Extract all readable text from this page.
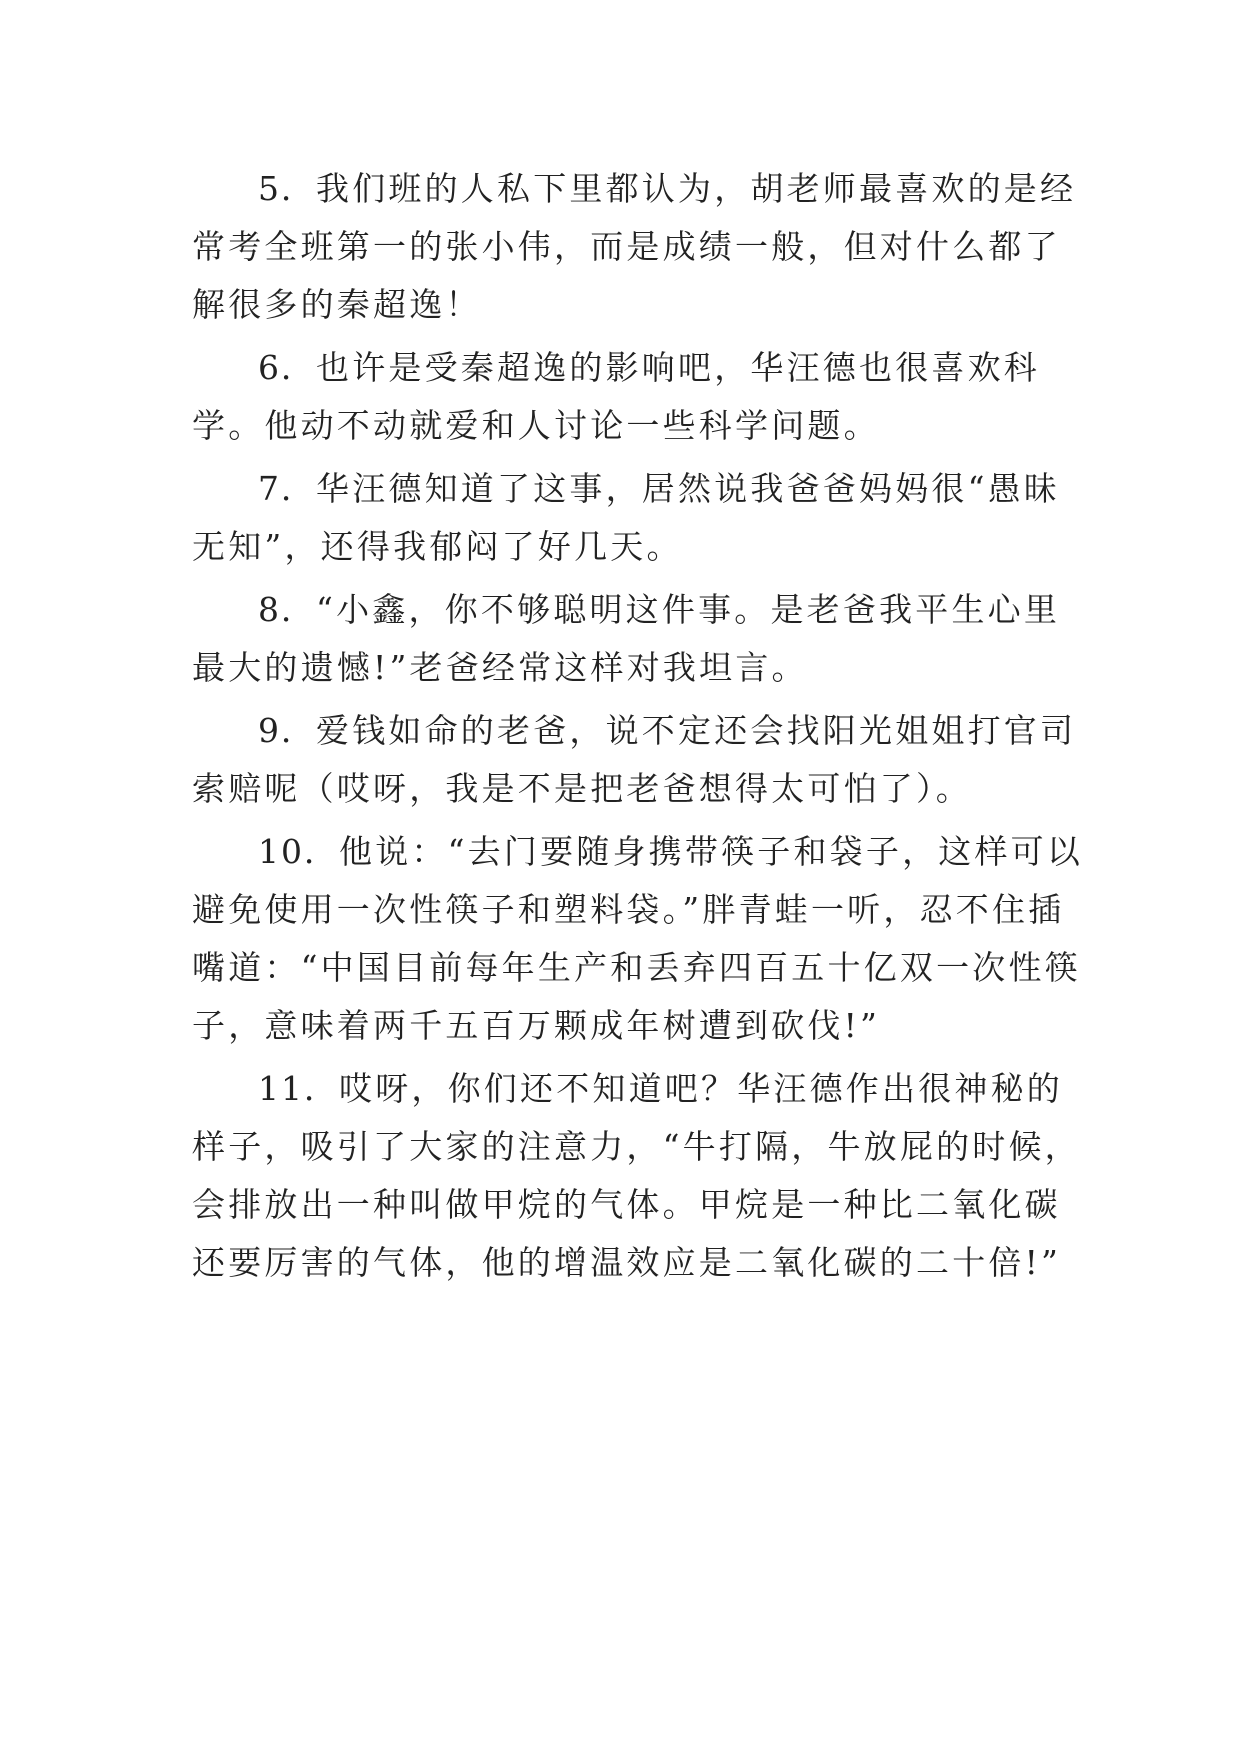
5．我们班的人私下里都认为，胡老师最喜欢的是经常考全班第一的张小伟，而是成绩一般，但对什么都了解很多的秦超逸！

6．也许是受秦超逸的影响吧，华汪德也很喜欢科学。他动不动就爱和人讨论一些科学问题。

7．华汪德知道了这事，居然说我爸爸妈妈很“愚昧无知”，还得我郁闷了好几天。

8．“小鑫，你不够聪明这件事。是老爸我平生心里最大的遗憾!”老爸经常这样对我坦言。

9．爱钱如命的老爸，说不定还会找阳光姐姐打官司索赔呢（哎呀，我是不是把老爸想得太可怕了）。

10．他说：“去门要随身携带筷子和袋子，这样可以避免使用一次性筷子和塑料袋。”胖青蛙一听，忍不住插嘴道：“中国目前每年生产和丢弃四百五十亿双一次性筷子，意味着两千五百万颗成年树遭到砍伐!”

11．哎呀，你们还不知道吧？华汪德作出很神秘的样子，吸引了大家的注意力，“牛打隔，牛放屁的时候，会排放出一种叫做甲烷的气体。甲烷是一种比二氧化碳还要厉害的气体，他的增温效应是二氧化碳的二十倍!”
